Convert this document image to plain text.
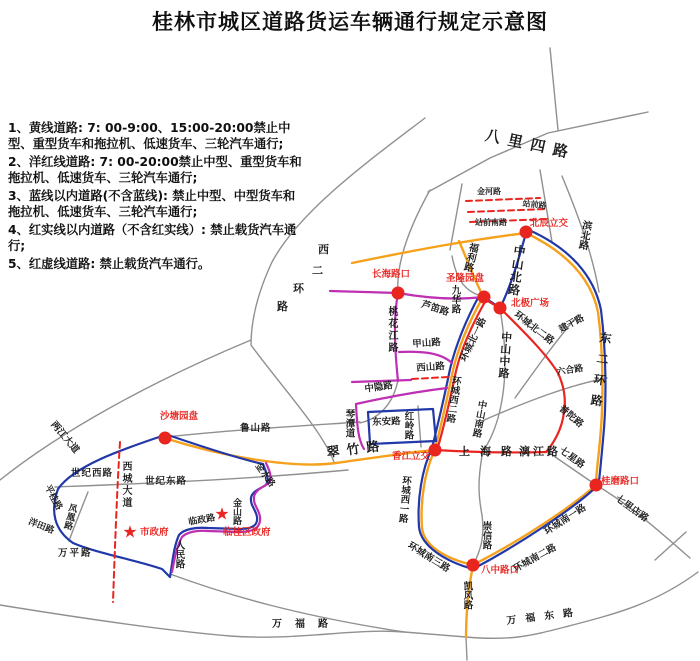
桂林市城区道路货运车辆通行规定示意图

1、黄线道路: 7: 00-9:00、15:00-20:00禁止中型、重型货车和拖拉机、低速货车、三轮汽车通行;

2、洋红线道路: 7: 00-20:00禁止中型、重型货车和拖拉机、低速货车、三轮汽车通行;

3、蓝线以内道路(不含蓝线): 禁止中型、中型货车和拖拉机、低速货车、三轮汽车通行;

4、红实线以内道路（不含红实线）: 禁止载货汽车通行;

5、红虚线道路: 禁止载货汽车通行。

八里四路
金河路
站前路
站前南路	滨北路
福利路 中山北路
九华路
芦笛路
桃花江路 甲山路
西山路
中隐路
东安路
琴潭道	红岭路
环城北一路
环城西二路
中山中路
环城北二路 建干路
东二环路
六合路
上海路
漓江路
普陀路
七星路
环城南一路	七里店路
环城南二路
崇信路
凯风路
环城西一路
环城南三路
翠竹路
万福路	万福东路
世纪西路
世纪东路
西城大道	金水路
金山路
临政路
人民路
万平路
两江大道
平桂路
洋田路 凤凰路
鲁山路	中山南路
西
二
环
路
北辰立交
圣隆园盘
北极广场
长海路口
沙塘园盘
香江立交
八中路口
桂磨路口
★ 市政府
★
临桂区政府
